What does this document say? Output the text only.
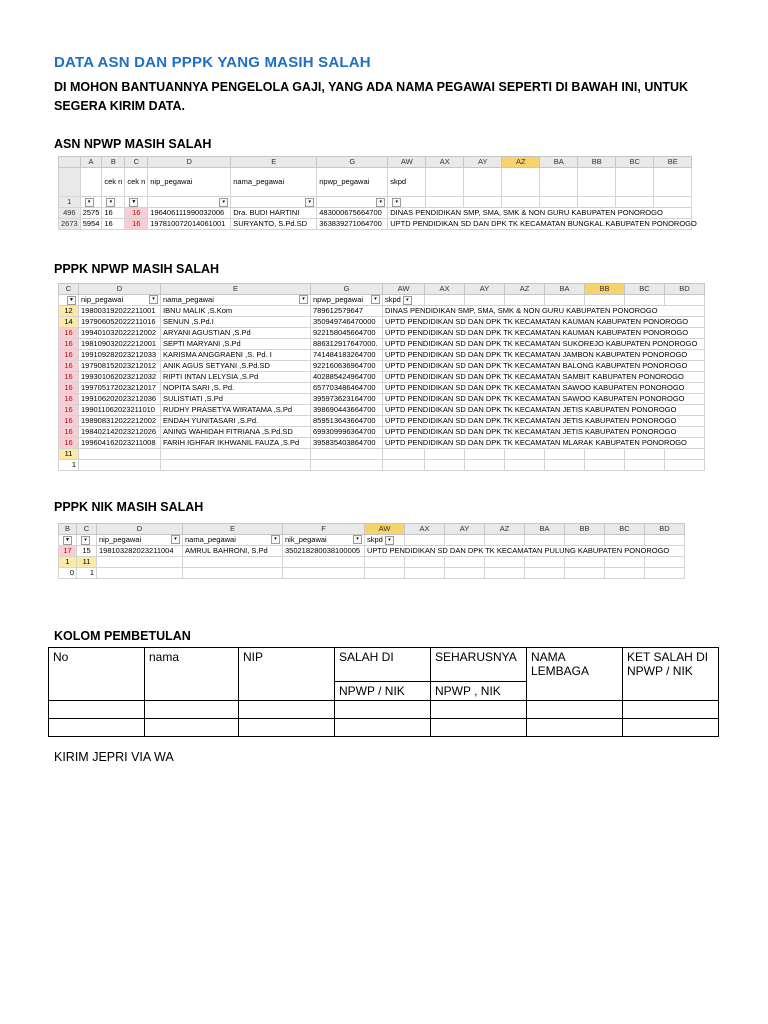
DATA ASN DAN PPPK YANG MASIH SALAH
DI MOHON BANTUANNYA PENGELOLA GAJI, YANG ADA NAMA PEGAWAI SEPERTI DI BAWAH INI, UNTUK SEGERA KIRIM DATA.
ASN NPWP MASIH SALAH
	A	B	C	D	E	G	AW	AX	AY	AZ	BA	BB	BC	BE
		cek n	cek n	nip_pegawai	nama_pegawai	npwp_pegawai	skpd							
1	▾	▾	▼	▾	▾	▾	▾							
496	2575	16	16	196406111990032006	Dra. BUDI HARTINI	483000675664700	DINAS PENDIDIKAN SMP, SMA, SMK & NON GURU KABUPATEN PONOROGO							

2673	5954	16	16	197810072014061001	SURYANTO, S.Pd.SD	363839271064700	UPTD PENDIDIKAN SD DAN DPK TK KECAMATAN BUNGKAL KABUPATEN PONOROGO							
PPPK NPWP MASIH SALAH
C	D	E	G	AW	AX	AY	AZ	BA	BB	BC	BD
▼	nip_pegawai ▾	nama_pegawai ▾	npwp_pegawai ▾	skpd ▾							
12	198003192022211001	IBNU MALIK ,S.Kom	789612579647	DINAS PENDIDIKAN SMP, SMA, SMK & NON GURU KABUPATEN PONOROGO							

14	197906052022211016	SENUN ,S.Pd.I	350949746470000	UPTD PENDIDIKAN SD DAN DPK TK KECAMATAN KAUMAN KABUPATEN PONOROGO							

16	199401032022212002	ARYANI AGUSTIAN ,S.Pd	922158045664700	UPTD PENDIDIKAN SD DAN DPK TK KECAMATAN KAUMAN KABUPATEN PONOROGO							

16	198109032022212001	SEPTI MARYANI ,S.Pd	886312917647000.	UPTD PENDIDIKAN SD DAN DPK TK KECAMATAN SUKOREJO KABUPATEN PONOROGO							

16	199109282023212033	KARISMA ANGGRAENI ,S. Pd. I	741484183264700	UPTD PENDIDIKAN SD DAN DPK TK KECAMATAN JAMBON KABUPATEN PONOROGO							

16	197908152023212012	ANIK AGUS SETYANI ,S.Pd.SD	922160636964700	UPTD PENDIDIKAN SD DAN DPK TK KECAMATAN BALONG KABUPATEN PONOROGO							

16	199301062023212032	RIPTI INTAN LELYSIA ,S.Pd	402885424964700	UPTD PENDIDIKAN SD DAN DPK TK KECAMATAN SAMBIT KABUPATEN PONOROGO							

16	199705172023212017	NOPITA SARI ,S. Pd.	657703486464700	UPTD PENDIDIKAN SD DAN DPK TK KECAMATAN SAWOO KABUPATEN PONOROGO							

16	199106202023212036	SULISTIATI ,S.Pd	395973623164700	UPTD PENDIDIKAN SD DAN DPK TK KECAMATAN SAWOO KABUPATEN PONOROGO							

16	199011062023211010	RUDHY PRASETYA WIRATAMA ,S.Pd	398690443664700	UPTD PENDIDIKAN SD DAN DPK TK KECAMATAN JETIS KABUPATEN PONOROGO							

16	198908312022212002	ENDAH YUNITASARI ,S.Pd.	859513643664700	UPTD PENDIDIKAN SD DAN DPK TK KECAMATAN JETIS KABUPATEN PONOROGO							

16	198402142023212026	ANING WAHIDAH FITRIANA ,S.Pd.SD	699309996364700	UPTD PENDIDIKAN SD DAN DPK TK KECAMATAN JETIS KABUPATEN PONOROGO							

16	199604162023211008	FARIH IGHFAR IKHWANIL FAUZA ,S.Pd	395835403864700	UPTD PENDIDIKAN SD DAN DPK TK KECAMATAN MLARAK KABUPATEN PONOROGO							

11											
1											
PPPK NIK MASIH SALAH
B	C	D	E	F	AW	AX	AY	AZ	BA	BB	BC	BD
▼	▾	nip_pegawai ▾	nama_pegawai ▾	nik_pegawai ▾	skpd ▾							
17	15	198103282023211004	AMRUL BAHRONI, S.Pd	350218280038100005	UPTD PENDIDIKAN SD DAN DPK TK KECAMATAN PULUNG KABUPATEN PONOROGO							

1	11											
0	1											
KOLOM PEMBETULAN
No	nama	NIP	SALAH DI	SEHARUSNYA	NAMA LEMBAGA	KET SALAH DI NPWP / NIK
			NPWP / NIK	NPWP , NIK		

KIRIM JEPRI VIA WA
